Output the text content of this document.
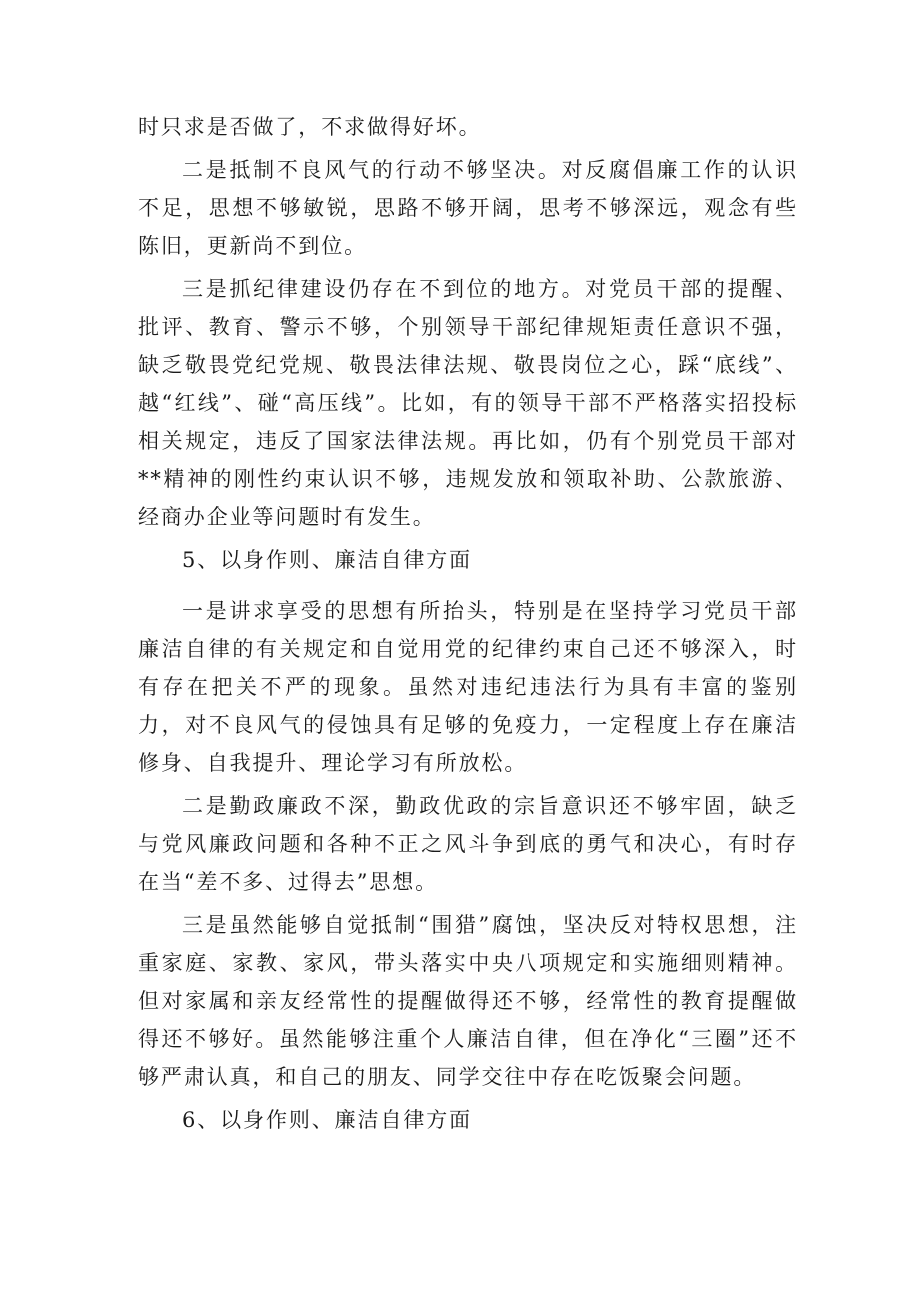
时只求是否做了，不求做得好坏。

二是抵制不良风气的行动不够坚决。对反腐倡廉工作的认识不足，思想不够敏锐，思路不够开阔，思考不够深远，观念有些陈旧，更新尚不到位。

三是抓纪律建设仍存在不到位的地方。对党员干部的提醒、批评、教育、警示不够，个别领导干部纪律规矩责任意识不强，缺乏敬畏党纪党规、敬畏法律法规、敬畏岗位之心，踩“底线”、越“红线”、碰“高压线”。比如，有的领导干部不严格落实招投标相关规定，违反了国家法律法规。再比如，仍有个别党员干部对**精神的刚性约束认识不够，违规发放和领取补助、公款旅游、经商办企业等问题时有发生。

5、以身作则、廉洁自律方面

一是讲求享受的思想有所抬头，特别是在坚持学习党员干部廉洁自律的有关规定和自觉用党的纪律约束自己还不够深入，时有存在把关不严的现象。虽然对违纪违法行为具有丰富的鉴别力，对不良风气的侵蚀具有足够的免疫力，一定程度上存在廉洁修身、自我提升、理论学习有所放松。

二是勤政廉政不深，勤政优政的宗旨意识还不够牢固，缺乏与党风廉政问题和各种不正之风斗争到底的勇气和决心，有时存在当“差不多、过得去”思想。

三是虽然能够自觉抵制“围猎”腐蚀，坚决反对特权思想，注重家庭、家教、家风，带头落实中央八项规定和实施细则精神。但对家属和亲友经常性的提醒做得还不够，经常性的教育提醒做得还不够好。虽然能够注重个人廉洁自律，但在净化“三圈”还不够严肃认真，和自己的朋友、同学交往中存在吃饭聚会问题。

6、以身作则、廉洁自律方面
